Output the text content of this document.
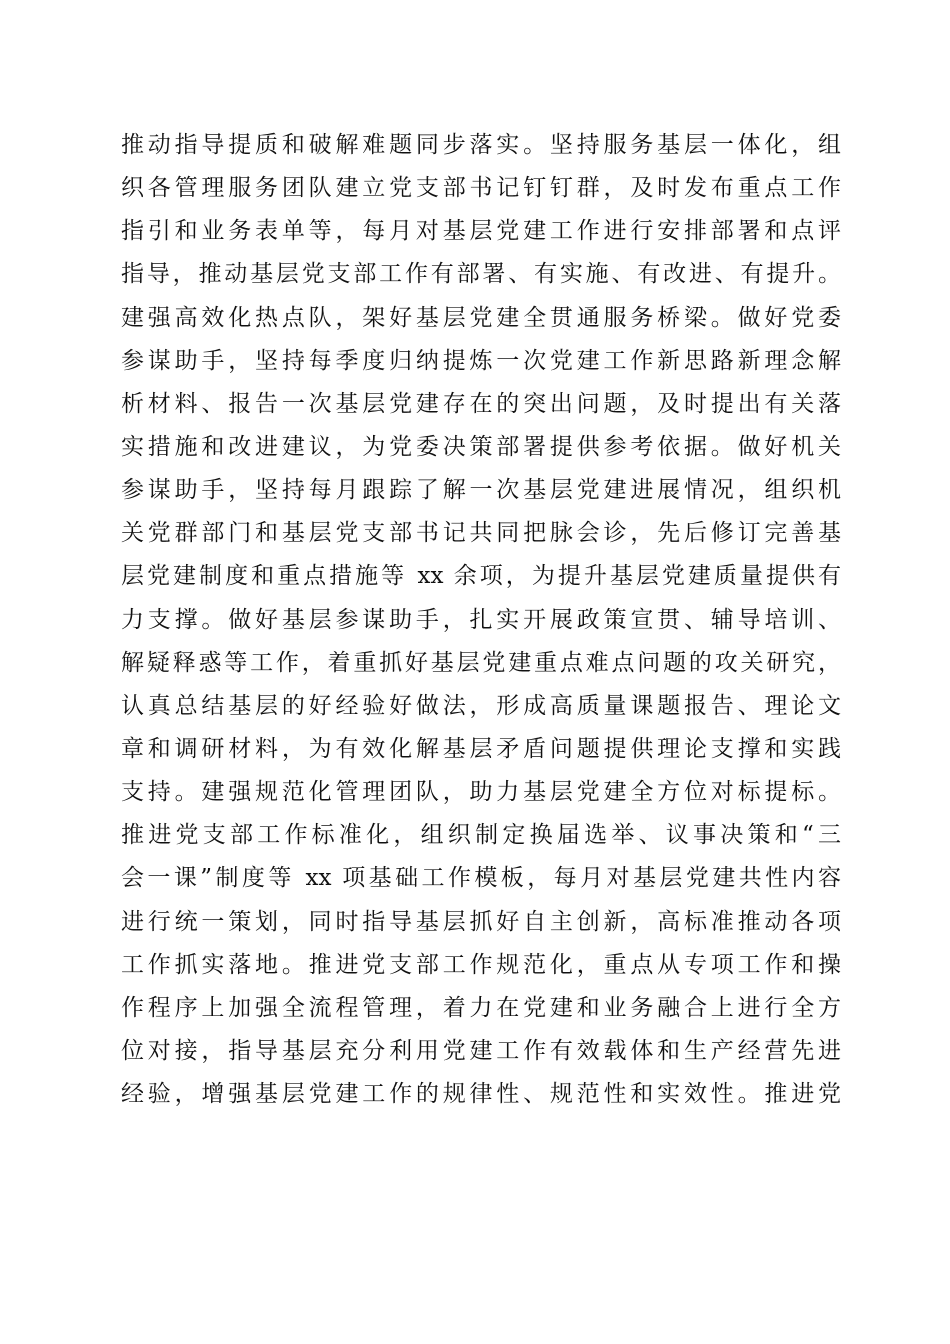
推动指导提质和破解难题同步落实。坚持服务基层一体化，组
织各管理服务团队建立党支部书记钉钉群，及时发布重点工作
指引和业务表单等，每月对基层党建工作进行安排部署和点评
指导，推动基层党支部工作有部署、有实施、有改进、有提升。
建强高效化热点队，架好基层党建全贯通服务桥梁。做好党委
参谋助手，坚持每季度归纳提炼一次党建工作新思路新理念解
析材料、报告一次基层党建存在的突出问题，及时提出有关落
实措施和改进建议，为党委决策部署提供参考依据。做好机关
参谋助手，坚持每月跟踪了解一次基层党建进展情况，组织机
关党群部门和基层党支部书记共同把脉会诊，先后修订完善基
层党建制度和重点措施等 xx 余项，为提升基层党建质量提供有
力支撑。做好基层参谋助手，扎实开展政策宣贯、辅导培训、
解疑释惑等工作，着重抓好基层党建重点难点问题的攻关研究，
认真总结基层的好经验好做法，形成高质量课题报告、理论文
章和调研材料，为有效化解基层矛盾问题提供理论支撑和实践
支持。建强规范化管理团队，助力基层党建全方位对标提标。
推进党支部工作标准化，组织制定换届选举、议事决策和“三
会一课”制度等 xx 项基础工作模板，每月对基层党建共性内容
进行统一策划，同时指导基层抓好自主创新，高标准推动各项
工作抓实落地。推进党支部工作规范化，重点从专项工作和操
作程序上加强全流程管理，着力在党建和业务融合上进行全方
位对接，指导基层充分利用党建工作有效载体和生产经营先进
经验，增强基层党建工作的规律性、规范性和实效性。推进党
